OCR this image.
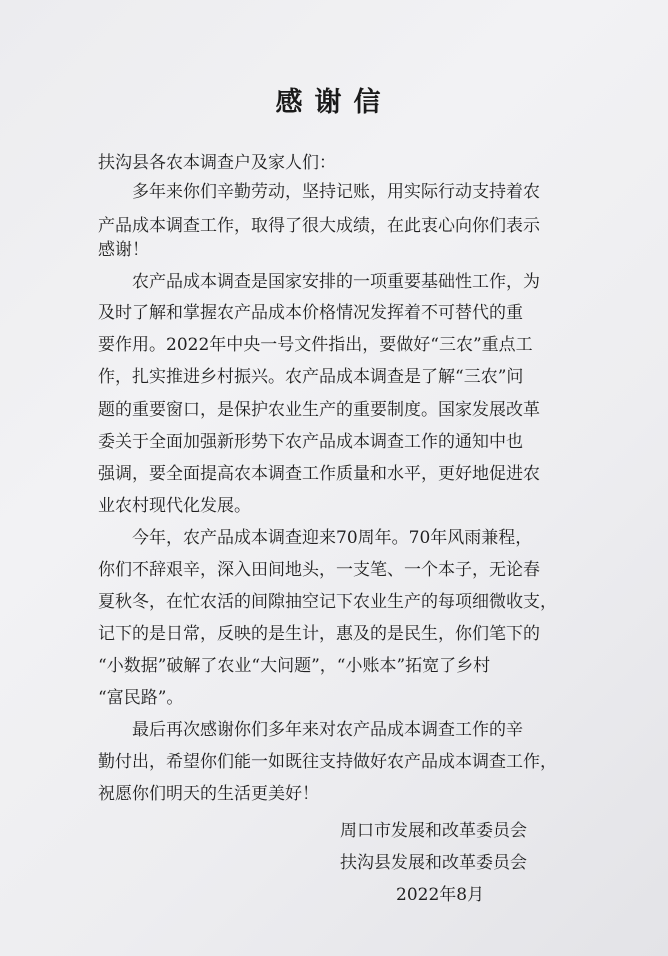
感谢信
扶沟县各农本调查户及家人们：
多年来你们辛勤劳动，坚持记账，用实际行动支持着农
产品成本调查工作，取得了很大成绩，在此衷心向你们表示
感谢！
农产品成本调查是国家安排的一项重要基础性工作，为
及时了解和掌握农产品成本价格情况发挥着不可替代的重
要作用。2022年中央一号文件指出，要做好“三农”重点工
作，扎实推进乡村振兴。农产品成本调查是了解“三农”问
题的重要窗口，是保护农业生产的重要制度。国家发展改革
委关于全面加强新形势下农产品成本调查工作的通知中也
强调，要全面提高农本调查工作质量和水平，更好地促进农
业农村现代化发展。
今年，农产品成本调查迎来70周年。70年风雨兼程，
你们不辞艰辛，深入田间地头，一支笔、一个本子，无论春
夏秋冬，在忙农活的间隙抽空记下农业生产的每项细微收支，
记下的是日常，反映的是生计，惠及的是民生，你们笔下的
“小数据”破解了农业“大问题”，“小账本”拓宽了乡村
“富民路”。
最后再次感谢你们多年来对农产品成本调查工作的辛
勤付出，希望你们能一如既往支持做好农产品成本调查工作，
祝愿你们明天的生活更美好！
周口市发展和改革委员会
扶沟县发展和改革委员会
2022年8月
